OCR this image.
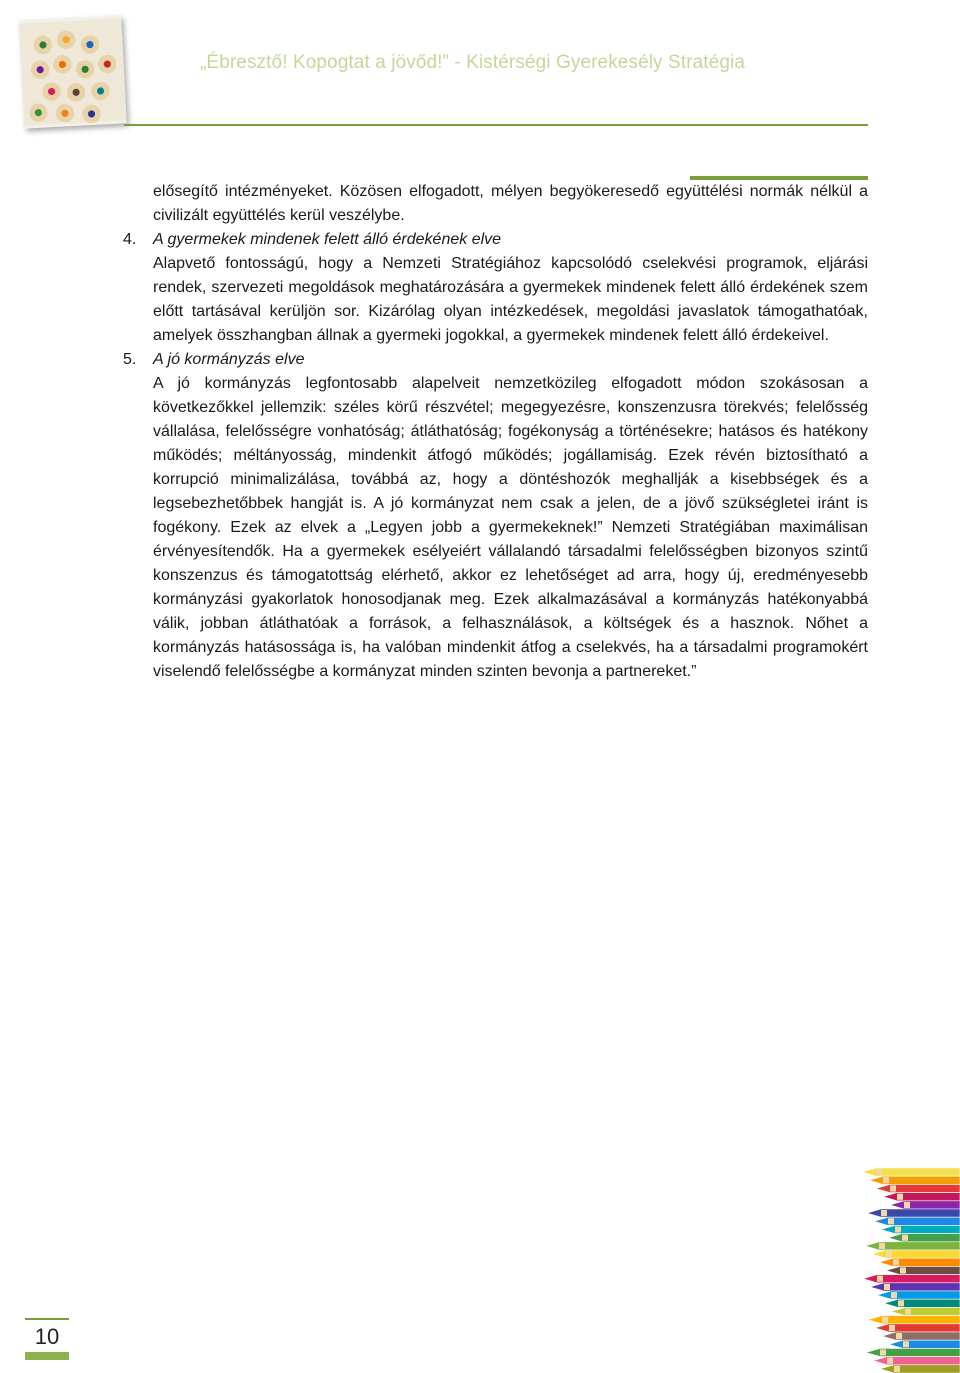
„Ébresztő! Kopogtat a jövőd!” - Kistérségi Gyerekesély Stratégia

elősegítő intézményeket. Közösen elfogadott, mélyen begyökeresedő együttélési normák nélkül a civilizált együttélés kerül veszélybe.

4. A gyermekek mindenek felett álló érdekének elve

Alapvető fontosságú, hogy a Nemzeti Stratégiához kapcsolódó cselekvési programok, eljárási rendek, szervezeti megoldások meghatározására a gyermekek mindenek felett álló érdekének szem előtt tartásával kerüljön sor. Kizárólag olyan intézkedések, megoldási javaslatok támogathatóak, amelyek összhangban állnak a gyermeki jogokkal, a gyermekek mindenek felett álló érdekeivel.

5. A jó kormányzás elve

A jó kormányzás legfontosabb alapelveit nemzetközileg elfogadott módon szokásosan a következőkkel jellemzik: széles körű részvétel; megegyezésre, konszenzusra törekvés; felelősség vállalása, felelősségre vonhatóság; átláthatóság; fogékonyság a történésekre; hatásos és hatékony működés; méltányosság, mindenkit átfogó működés; jogállamiság. Ezek révén biztosítható a korrupció minimalizálása, továbbá az, hogy a döntéshozók meghallják a kisebbségek és a legsebezhetőbbek hangját is. A jó kormányzat nem csak a jelen, de a jövő szükségletei iránt is fogékony. Ezek az elvek a „Legyen jobb a gyermekeknek!” Nemzeti Stratégiában maximálisan érvényesítendők. Ha a gyermekek esélyeiért vállalandó társadalmi felelősségben bizonyos szintű konszenzus és támogatottság elérhető, akkor ez lehetőséget ad arra, hogy új, eredményesebb kormányzási gyakorlatok honosodjanak meg. Ezek alkalmazásával a kormányzás hatékonyabbá válik, jobban átláthatóak a források, a felhasználások, a költségek és a hasznok. Nőhet a kormányzás hatásossága is, ha valóban mindenkit átfog a cselekvés, ha a társadalmi programokért viselendő felelősségbe a kormányzat minden szinten bevonja a partnereket.”

10
